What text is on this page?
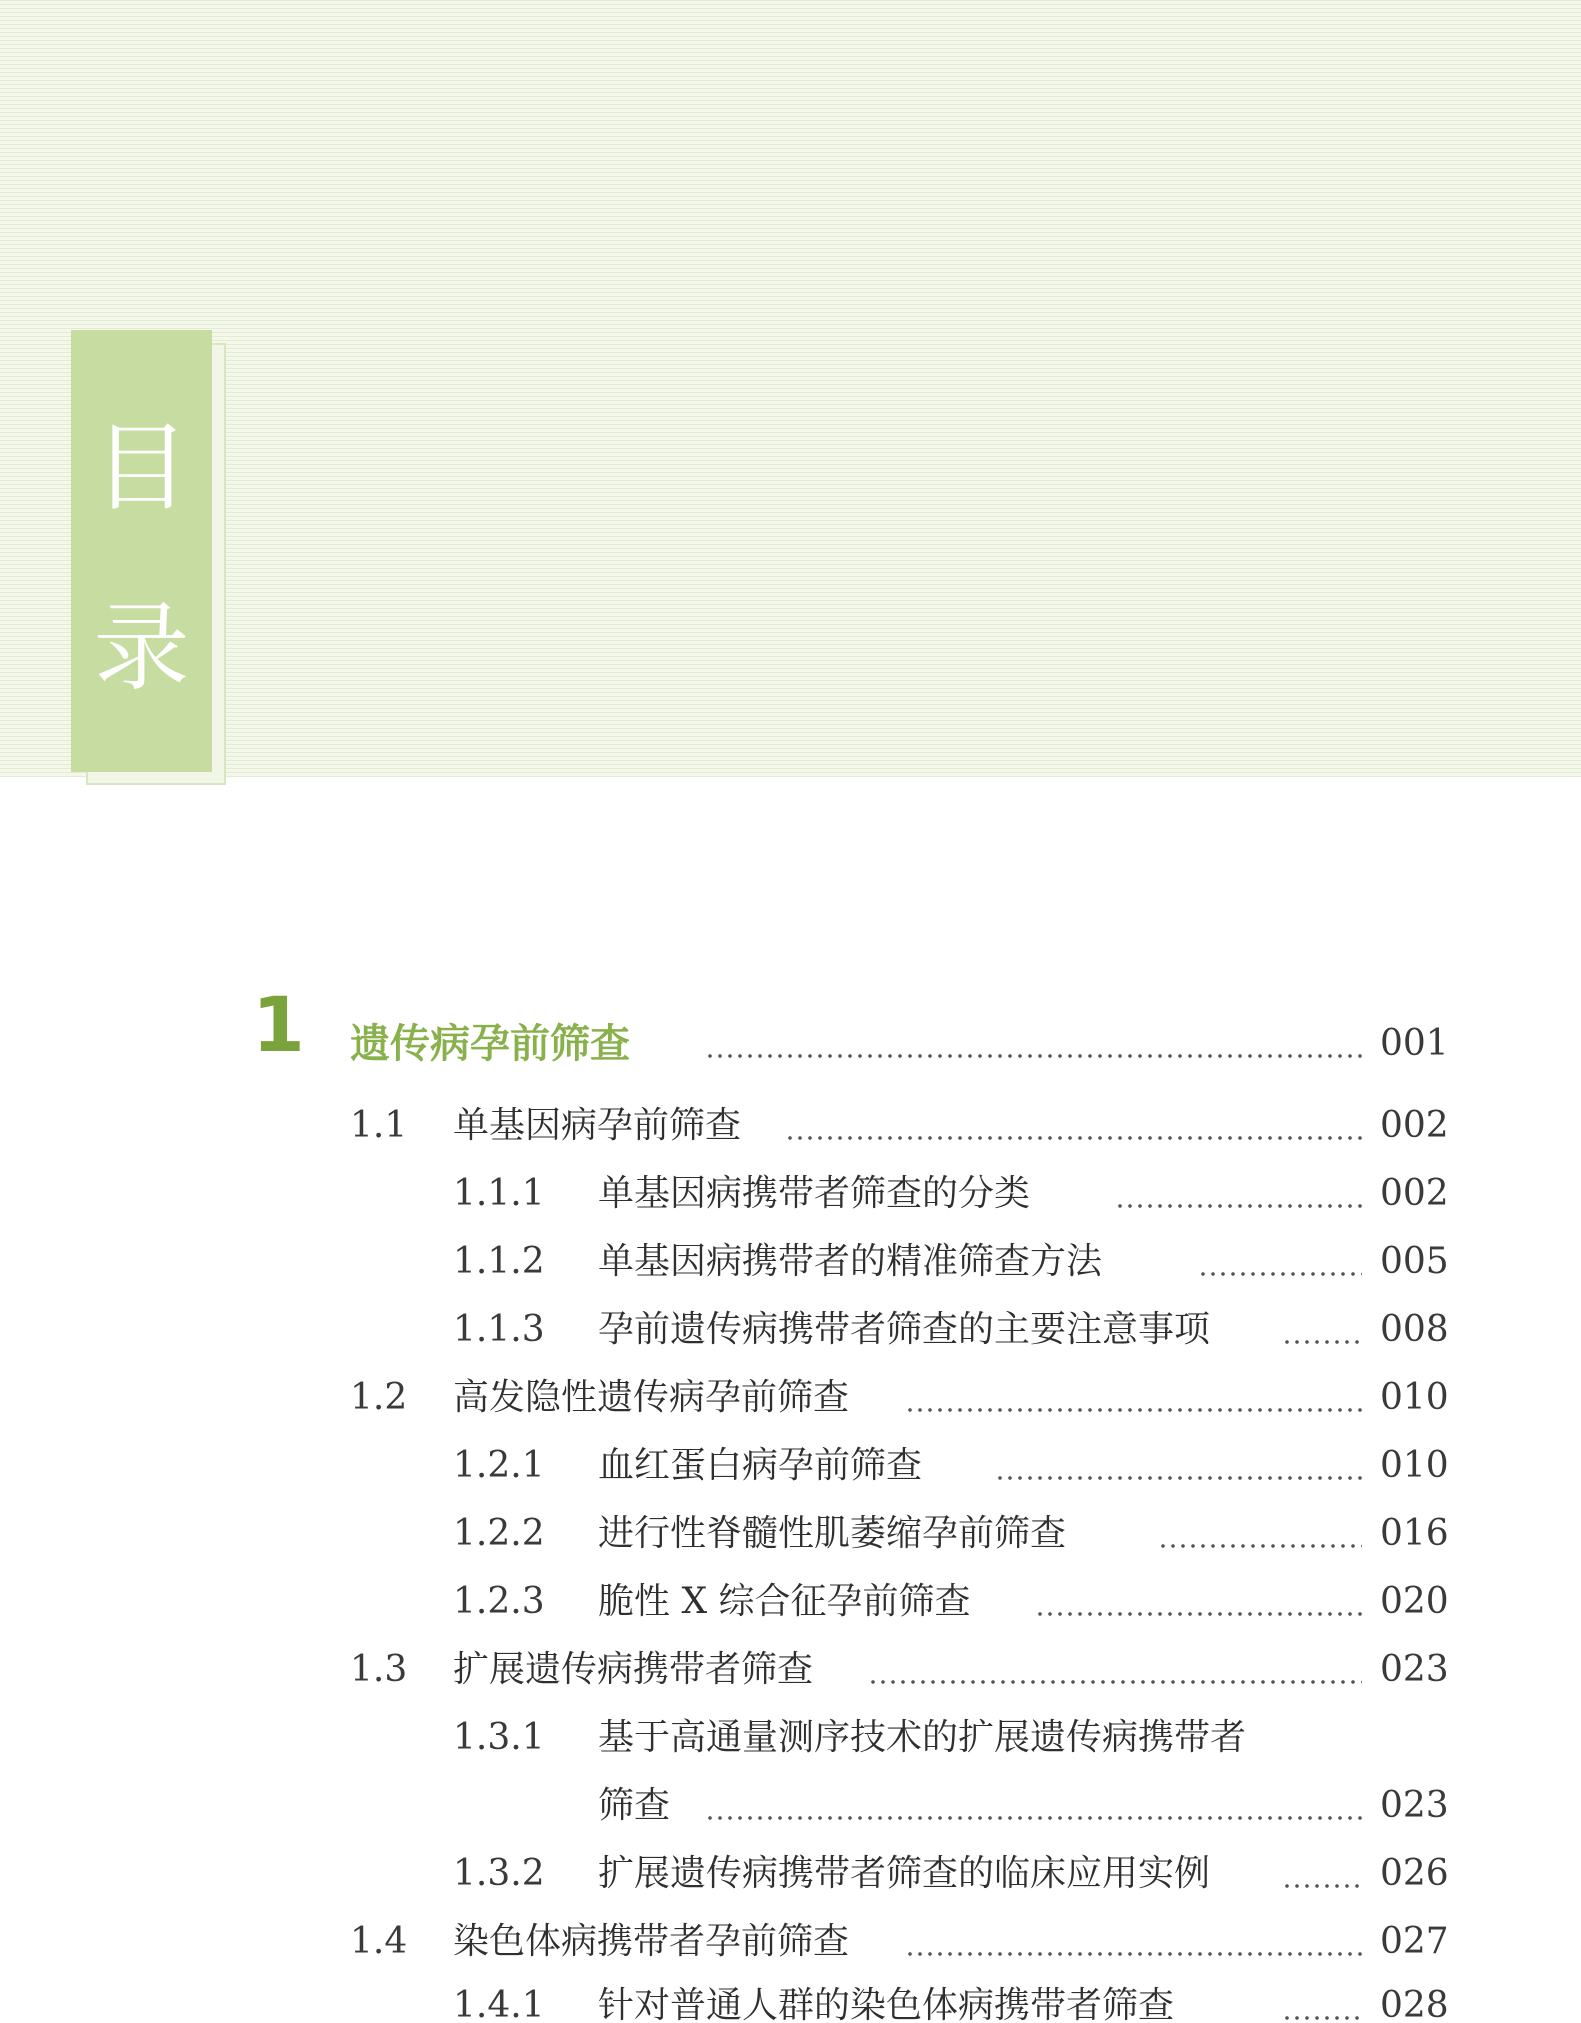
目
录
1 遗传病孕前筛查	001
1.1 单基因病孕前筛查	002
1.1.1 单基因病携带者筛查的分类	002
1.1.2 单基因病携带者的精准筛查方法	005
1.1.3 孕前遗传病携带者筛查的主要注意事项	008
1.2 高发隐性遗传病孕前筛查	010
1.2.1 血红蛋白病孕前筛查	010
1.2.2 进行性脊髓性肌萎缩孕前筛查	016
1.2.3 脆性 X 综合征孕前筛查	020
1.3 扩展遗传病携带者筛查	023
1.3.1 基于高通量测序技术的扩展遗传病携带者
筛查	023
1.3.2 扩展遗传病携带者筛查的临床应用实例	026
1.4 染色体病携带者孕前筛查	027
1.4.1 针对普通人群的染色体病携带者筛查	028
